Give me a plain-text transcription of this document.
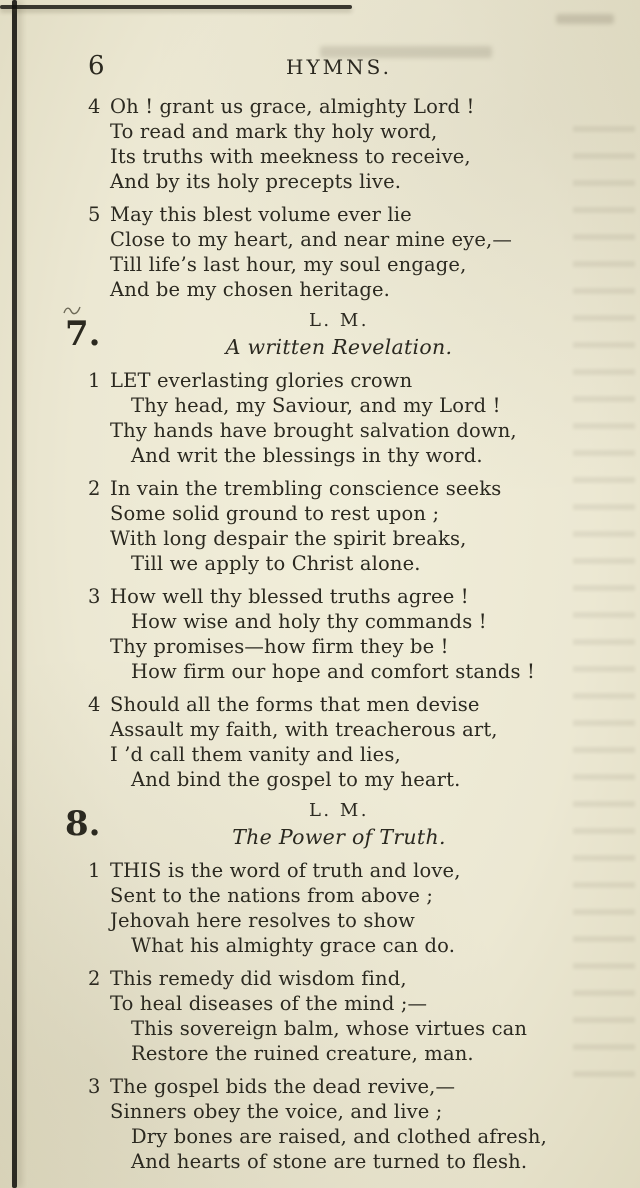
6	HYMNS.
4 Oh ! grant us grace, almighty Lord !
To read and mark thy holy word,
Its truths with meekness to receive,
And by its holy precepts live.
5 May this blest volume ever lie
Close to my heart, and near mine eye,—
Till life’s last hour, my soul engage,
And be my chosen heritage.
7.	L. M.
A written Revelation.
1 LET everlasting glories crown
Thy head, my Saviour, and my Lord !
Thy hands have brought salvation down,
And writ the blessings in thy word.
2 In vain the trembling conscience seeks
Some solid ground to rest upon ;
With long despair the spirit breaks,
Till we apply to Christ alone.
3 How well thy blessed truths agree !
How wise and holy thy commands !
Thy promises—how firm they be !
How firm our hope and comfort stands !
4 Should all the forms that men devise
Assault my faith, with treacherous art,
I ’d call them vanity and lies,
And bind the gospel to my heart.
8.	L. M.
The Power of Truth.
1 THIS is the word of truth and love,
Sent to the nations from above ;
Jehovah here resolves to show
What his almighty grace can do.
2 This remedy did wisdom find,
To heal diseases of the mind ;—
This sovereign balm, whose virtues can
Restore the ruined creature, man.
3 The gospel bids the dead revive,—
Sinners obey the voice, and live ;
Dry bones are raised, and clothed afresh,
And hearts of stone are turned to flesh.
